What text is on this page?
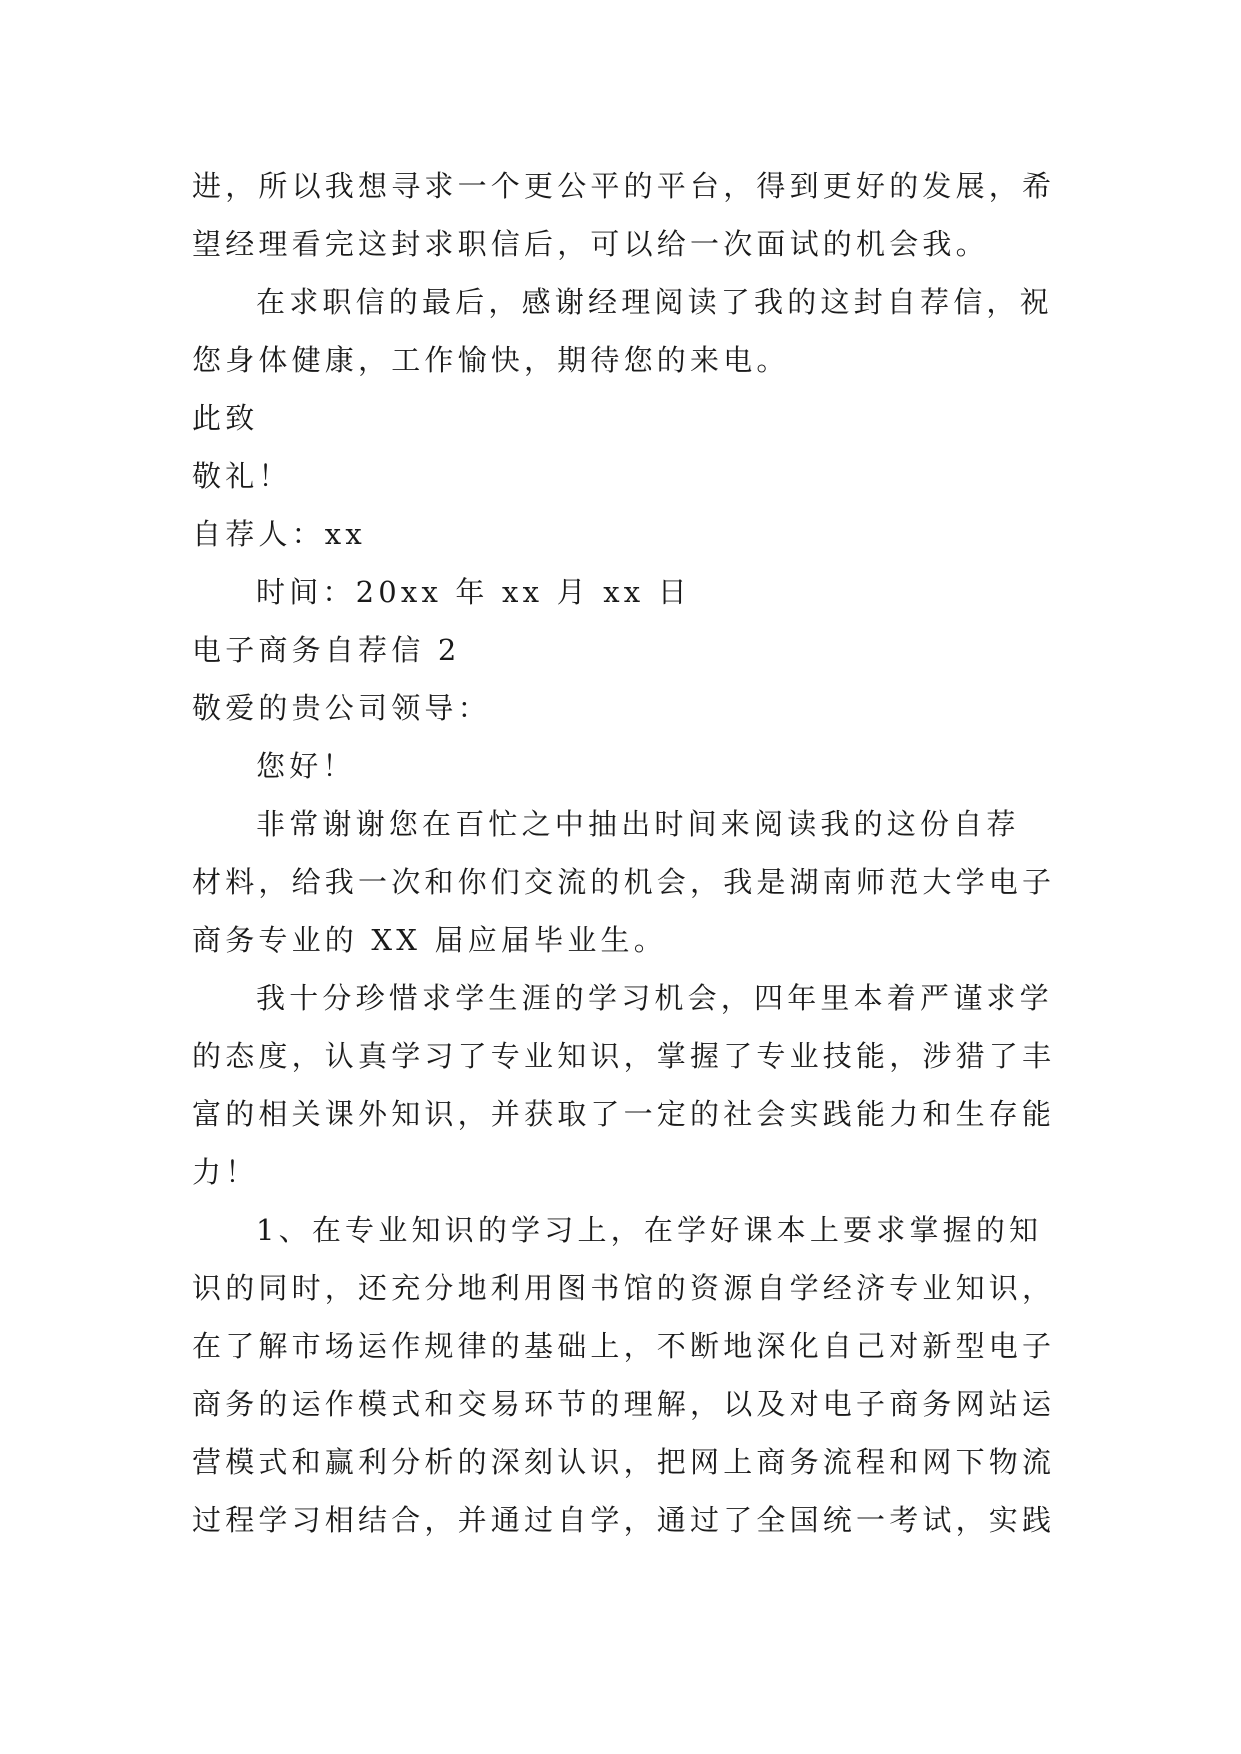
进，所以我想寻求一个更公平的平台，得到更好的发展，希
望经理看完这封求职信后，可以给一次面试的机会我。
在求职信的最后，感谢经理阅读了我的这封自荐信，祝
您身体健康，工作愉快，期待您的来电。
此致
敬礼！
自荐人：xx
时间：20xx 年 xx 月 xx 日
电子商务自荐信 2
敬爱的贵公司领导：
您好！
非常谢谢您在百忙之中抽出时间来阅读我的这份自荐
材料，给我一次和你们交流的机会，我是湖南师范大学电子
商务专业的 XX 届应届毕业生。
我十分珍惜求学生涯的学习机会，四年里本着严谨求学
的态度，认真学习了专业知识，掌握了专业技能，涉猎了丰
富的相关课外知识，并获取了一定的社会实践能力和生存能
力！
1、在专业知识的学习上，在学好课本上要求掌握的知
识的同时，还充分地利用图书馆的资源自学经济专业知识，
在了解市场运作规律的基础上，不断地深化自己对新型电子
商务的运作模式和交易环节的理解，以及对电子商务网站运
营模式和赢利分析的深刻认识，把网上商务流程和网下物流
过程学习相结合，并通过自学，通过了全国统一考试，实践
